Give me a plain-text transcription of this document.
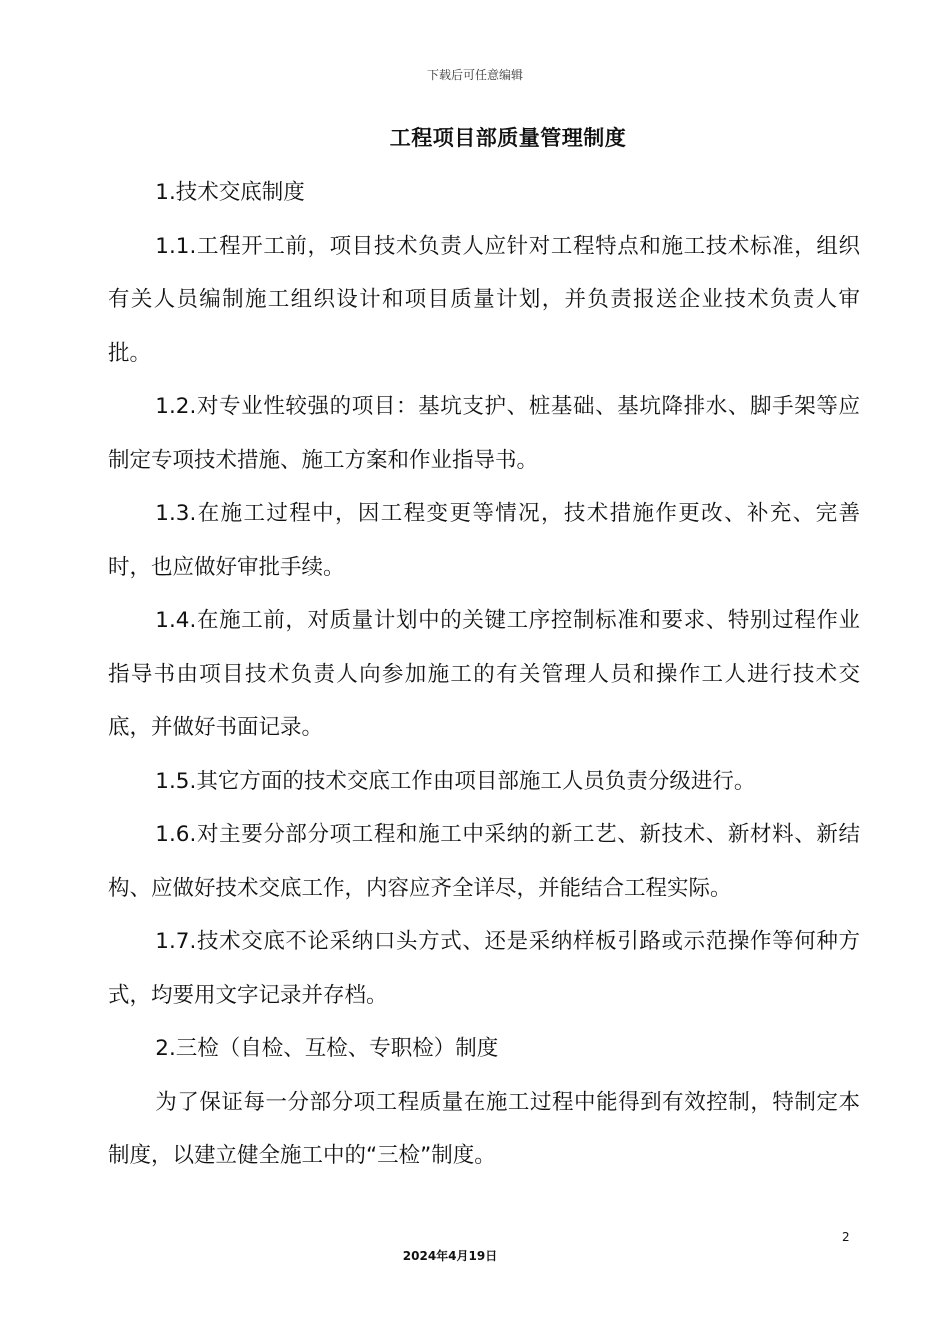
下载后可任意编辑
工程项目部质量管理制度

1.技术交底制度

1.1.工程开工前，项目技术负责人应针对工程特点和施工技术标准，组织有关人员编制施工组织设计和项目质量计划，并负责报送企业技术负责人审批。

1.2.对专业性较强的项目：基坑支护、桩基础、基坑降排水、脚手架等应制定专项技术措施、施工方案和作业指导书。

1.3.在施工过程中，因工程变更等情况，技术措施作更改、补充、完善时，也应做好审批手续。

1.4.在施工前，对质量计划中的关键工序控制标准和要求、特别过程作业指导书由项目技术负责人向参加施工的有关管理人员和操作工人进行技术交底，并做好书面记录。

1.5.其它方面的技术交底工作由项目部施工人员负责分级进行。

1.6.对主要分部分项工程和施工中采纳的新工艺、新技术、新材料、新结构、应做好技术交底工作，内容应齐全详尽，并能结合工程实际。

1.7.技术交底不论采纳口头方式、还是采纳样板引路或示范操作等何种方式，均要用文字记录并存档。

2.三检（自检、互检、专职检）制度

为了保证每一分部分项工程质量在施工过程中能得到有效控制，特制定本制度，以建立健全施工中的“三检”制度。

2
2024年4月19日
